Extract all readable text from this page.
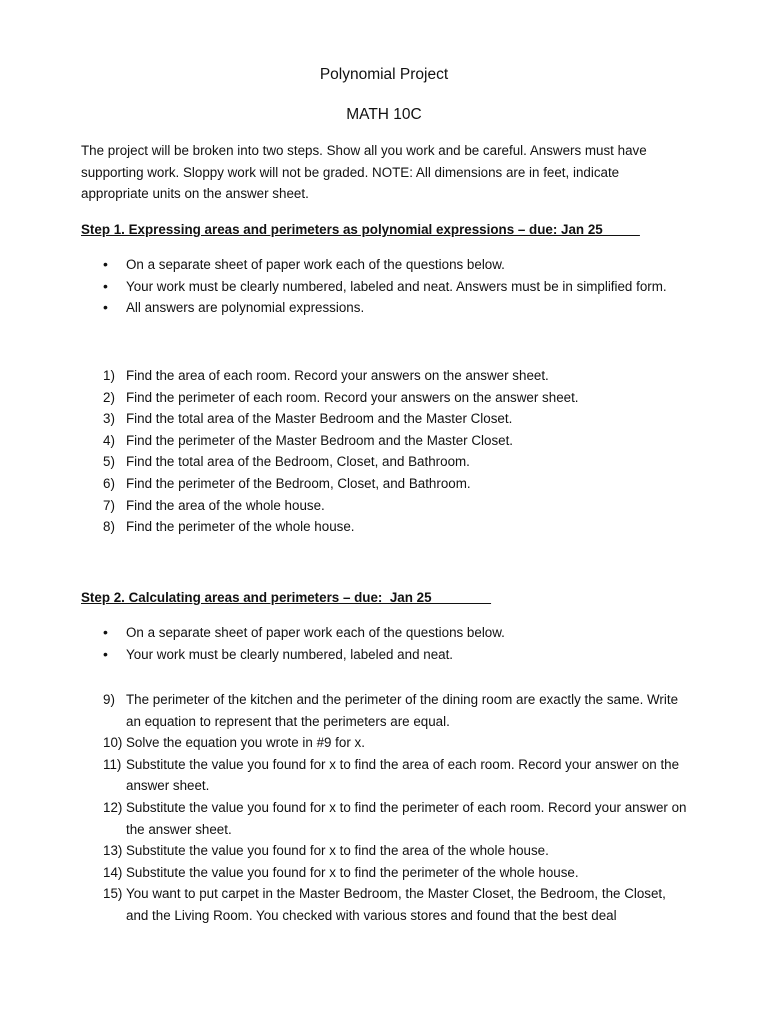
Polynomial Project
MATH 10C

The project will be broken into two steps. Show all you work and be careful. Answers must have supporting work. Sloppy work will not be graded. NOTE: All dimensions are in feet, indicate appropriate units on the answer sheet.

Step 1. Expressing areas and perimeters as polynomial expressions – due: Jan 25

• On a separate sheet of paper work each of the questions below.
• Your work must be clearly numbered, labeled and neat. Answers must be in simplified form.
• All answers are polynomial expressions.
1) Find the area of each room. Record your answers on the answer sheet.
2) Find the perimeter of each room. Record your answers on the answer sheet.
3) Find the total area of the Master Bedroom and the Master Closet.
4) Find the perimeter of the Master Bedroom and the Master Closet.
5) Find the total area of the Bedroom, Closet, and Bathroom.
6) Find the perimeter of the Bedroom, Closet, and Bathroom.
7) Find the area of the whole house.
8) Find the perimeter of the whole house.

Step 2. Calculating areas and perimeters – due:  Jan 25

• On a separate sheet of paper work each of the questions below.
• Your work must be clearly numbered, labeled and neat.
9) The perimeter of the kitchen and the perimeter of the dining room are exactly the same. Write an equation to represent that the perimeters are equal.
10) Solve the equation you wrote in #9 for x.
11) Substitute the value you found for x to find the area of each room. Record your answer on the answer sheet.
12) Substitute the value you found for x to find the perimeter of each room. Record your answer on the answer sheet.
13) Substitute the value you found for x to find the area of the whole house.
14) Substitute the value you found for x to find the perimeter of the whole house.
15) You want to put carpet in the Master Bedroom, the Master Closet, the Bedroom, the Closet, and the Living Room. You checked with various stores and found that the best deal
